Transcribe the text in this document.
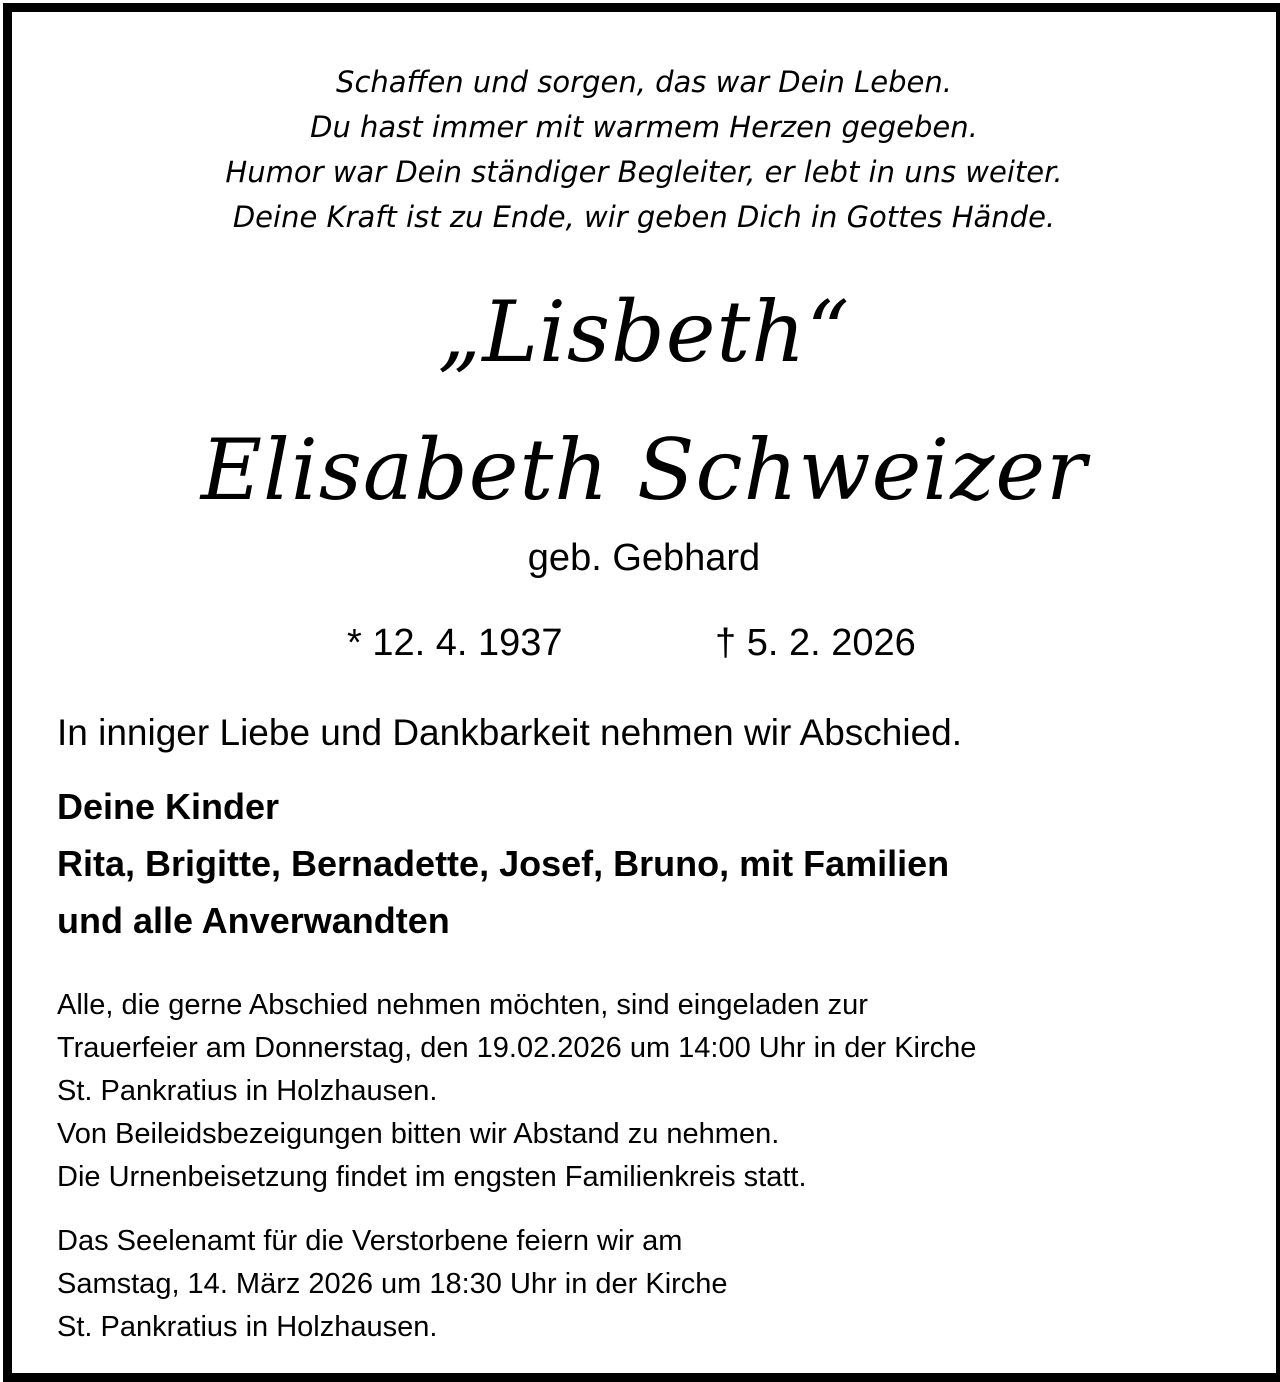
Schaffen und sorgen, das war Dein Leben.
Du hast immer mit warmem Herzen gegeben.
Humor war Dein ständiger Begleiter, er lebt in uns weiter.
Deine Kraft ist zu Ende, wir geben Dich in Gottes Hände.
„Lisbeth“
Elisabeth Schweizer
geb. Gebhard
* 12. 4. 1937	† 5. 2. 2026
In inniger Liebe und Dankbarkeit nehmen wir Abschied.
Deine Kinder
Rita, Brigitte, Bernadette, Josef, Bruno, mit Familien
und alle Anverwandten
Alle, die gerne Abschied nehmen möchten, sind eingeladen zur
Trauerfeier am Donnerstag, den 19.02.2026 um 14:00 Uhr in der Kirche
St. Pankratius in Holzhausen.
Von Beileidsbezeigungen bitten wir Abstand zu nehmen.
Die Urnenbeisetzung findet im engsten Familienkreis statt.
Das Seelenamt für die Verstorbene feiern wir am
Samstag, 14. März 2026 um 18:30 Uhr in der Kirche
St. Pankratius in Holzhausen.
